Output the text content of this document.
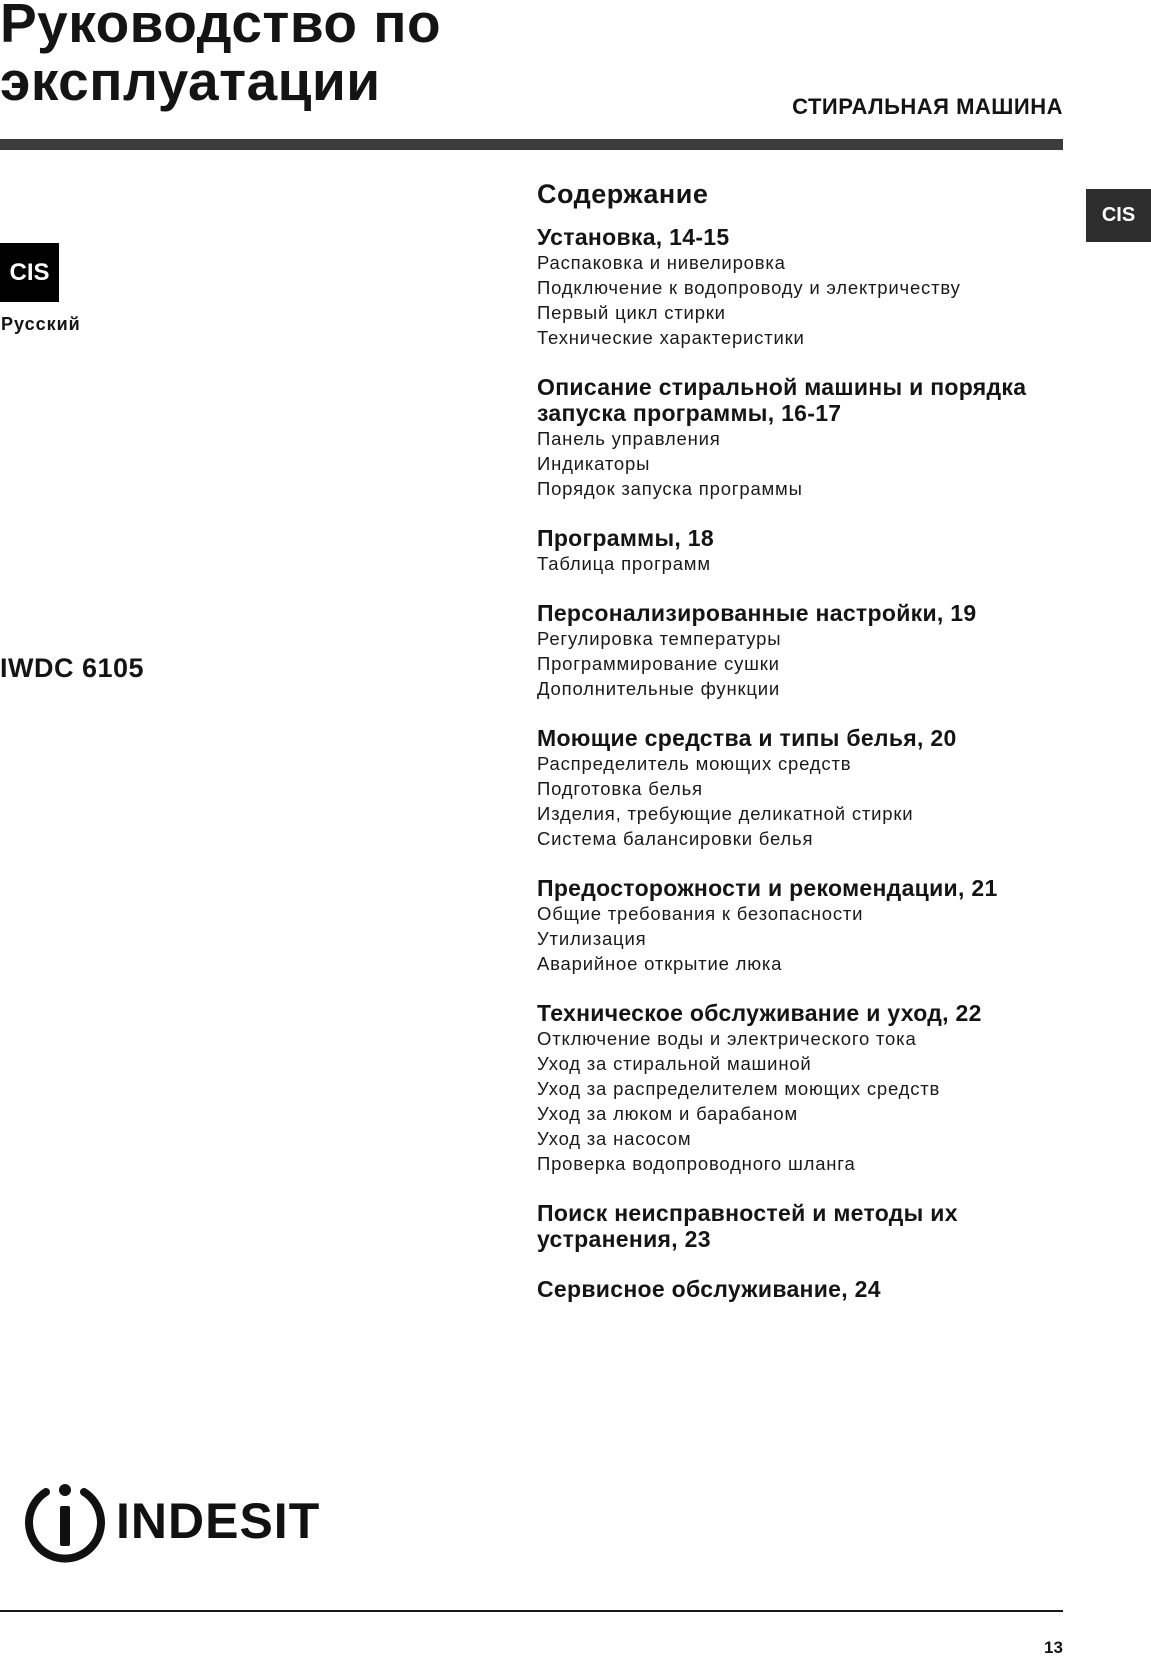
Руководство по эксплуатации	СТИРАЛЬНАЯ МАШИНА
CIS
CIS
Русский
IWDC 6105
Содержание
Установка, 14-15
Распаковка и нивелировка
Подключение к водопроводу и электричеству
Первый цикл стирки
Технические характеристики
Описание стиральной машины и порядка запуска программы, 16-17
Панель управления
Индикаторы
Порядок запуска программы
Программы, 18
Таблица программ
Персонализированные настройки, 19
Регулировка температуры
Программирование сушки
Дополнительные функции
Моющие средства и типы белья, 20
Распределитель моющих средств
Подготовка белья
Изделия, требующие деликатной стирки
Система балансировки белья
Предосторожности и рекомендации, 21
Общие требования к безопасности
Утилизация
Аварийное открытие люка
Техническое обслуживание и уход, 22
Отключение воды и электрического тока
Уход за стиральной машиной
Уход за распределителем моющих средств
Уход за люком и барабаном
Уход за насосом
Проверка водопроводного шланга
Поиск неисправностей и методы их устранения, 23
Сервисное обслуживание, 24
INDESIT
13
